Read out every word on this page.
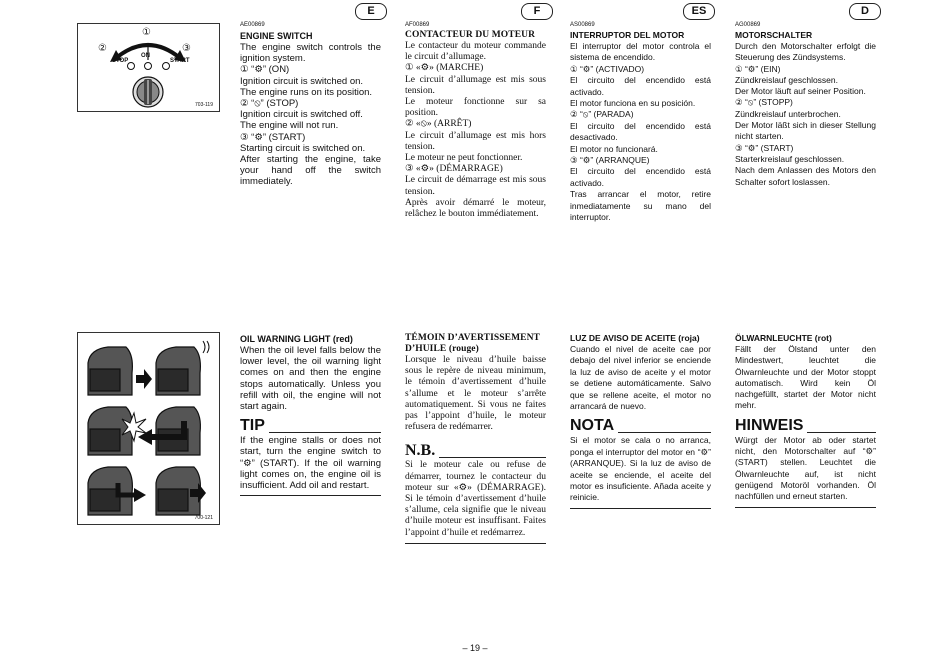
E	F	ES	D
①
②	③
STOP
ON
START
703-119
700-121

AE00869

ENGINE SWITCH

The engine switch controls the ignition system.
① “⚙” (ON)
Ignition circuit is switched on.
The engine runs on its position.
② “⦸” (STOP)
Ignition circuit is switched off.
The engine will not run.
③ “⚙” (START)
Starting circuit is switched on.
After starting the engine, take your hand off the switch immediately.

AF00869

CONTACTEUR DU MOTEUR

Le contacteur du moteur commande le circuit d’allumage.
① «⚙» (MARCHE)
Le circuit d’allumage est mis sous tension.
Le moteur fonctionne sur sa position.
② «⦸» (ARRÊT)
Le circuit d’allumage est mis hors tension.
Le moteur ne peut fonctionner.
③ «⚙» (DÉMARRAGE)
Le circuit de démarrage est mis sous tension.
Après avoir démarré le moteur, relâchez le bouton immédiatement.

AS00869

INTERRUPTOR DEL MOTOR

El interruptor del motor controla el sistema de encendido.
① “⚙” (ACTIVADO)
El circuito del encendido está activado.
El motor funciona en su posición.
② “⦸” (PARADA)
El circuito del encendido está desactivado.
El motor no funcionará.
③ “⚙” (ARRANQUE)
El circuito del encendido está activado.
Tras arrancar el motor, retire inmediatamente su mano del interruptor.

AG00869

MOTORSCHALTER

Durch den Motorschalter erfolgt die Steuerung des Zündsystems.
① “⚙” (EIN)
Zündkreislauf geschlossen.
Der Motor läuft auf seiner Position.
② “⦸” (STOPP)
Zündkreislauf unterbrochen.
Der Motor läßt sich in dieser Stellung nicht starten.
③ “⚙” (START)
Starterkreislauf geschlossen.
Nach dem Anlassen des Motors den Schalter sofort loslassen.

OIL WARNING LIGHT (red)

When the oil level falls below the lower level, the oil warning light comes on and then the engine stops automatically. Unless you refill with oil, the engine will not start again.

TIP

If the engine stalls or does not start, turn the engine switch to “⚙” (START). If the oil warning light comes on, the engine oil is insufficient. Add oil and restart.

TÉMOIN D’AVERTISSEMENT D’HUILE (rouge)

Lorsque le niveau d’huile baisse sous le repère de niveau minimum, le témoin d’avertissement d’huile s’allume et le moteur s’arrête automatiquement. Si vous ne faites pas l’appoint d’huile, le moteur refusera de redémarrer.

N.B.

Si le moteur cale ou refuse de démarrer, tournez le contacteur du moteur sur «⚙» (DÉMARRAGE). Si le témoin d’avertissement d’huile s’allume, cela signifie que le niveau d’huile moteur est insuffisant. Faites l’appoint d’huile et redémarrez.

LUZ DE AVISO DE ACEITE (roja)

Cuando el nivel de aceite cae por debajo del nivel inferior se enciende la luz de aviso de aceite y el motor se detiene automáticamente. Salvo que se rellene aceite, el motor no arrancará de nuevo.

NOTA

Si el motor se cala o no arranca, ponga el interruptor del motor en “⚙” (ARRANQUE). Si la luz de aviso de aceite se enciende, el aceite del motor es insuficiente. Añada aceite y reinicie.

ÖLWARNLEUCHTE (rot)

Fällt der Ölstand unter den Mindestwert, leuchtet die Ölwarnleuchte und der Motor stoppt automatisch. Wird kein Öl nachgefüllt, startet der Motor nicht mehr.

HINWEIS

Würgt der Motor ab oder startet nicht, den Motorschalter auf “⚙” (START) stellen. Leuchtet die Ölwarnleuchte auf, ist nicht genügend Motoröl vorhanden. Öl nachfüllen und erneut starten.

– 19 –
